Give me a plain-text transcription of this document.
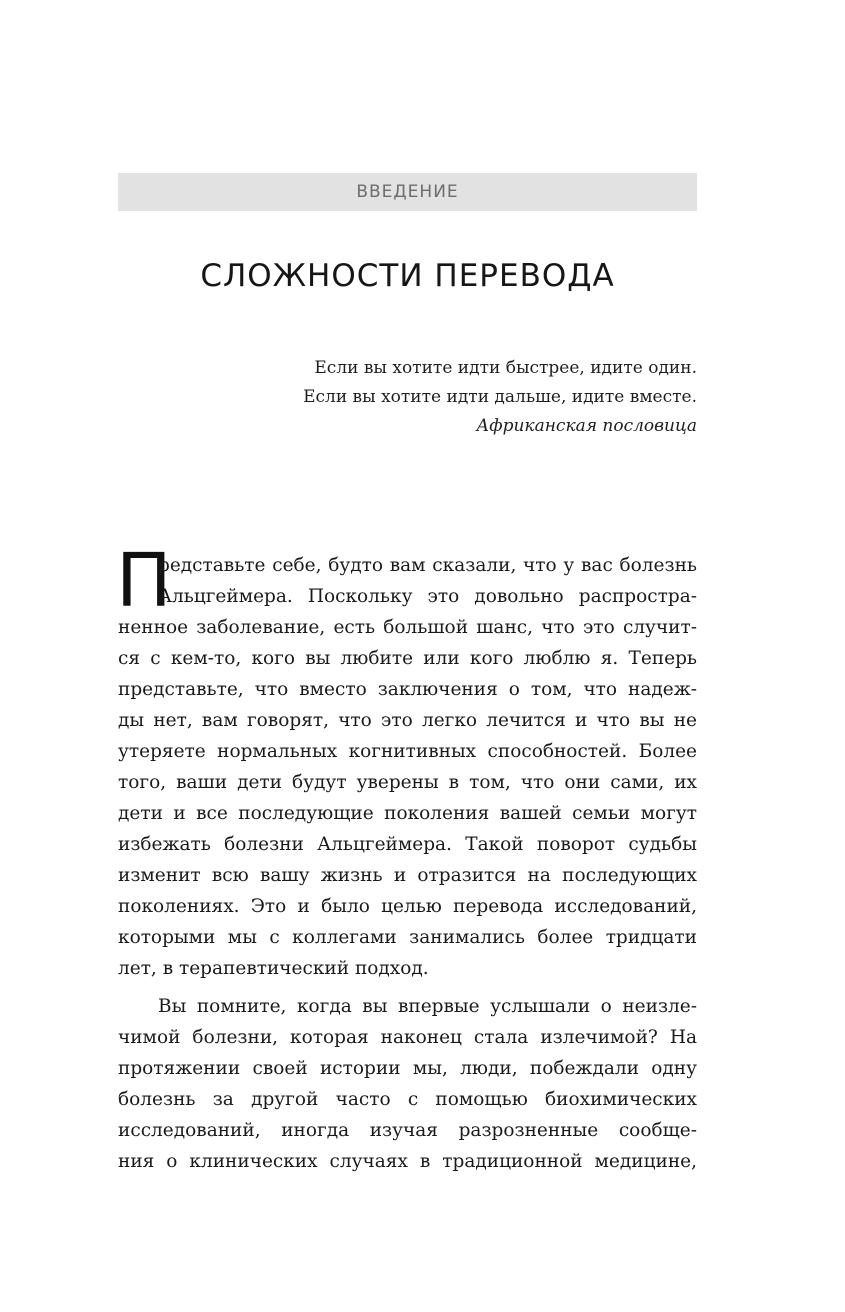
ВВЕДЕНИЕ
СЛОЖНОСТИ ПЕРЕВОДА
Если вы хотите идти быстрее, идите один.
Если вы хотите идти дальше, идите вместе.
Африканская пословица
П
редставьте себе, будто вам сказали, что у вас болезнь
Альцгеймера. Поскольку это довольно распростра-
ненное заболевание, есть большой шанс, что это случит-
ся с кем-то, кого вы любите или кого люблю я. Теперь
представьте, что вместо заключения о том, что надеж-
ды нет, вам говорят, что это легко лечится и что вы не
утеряете нормальных когнитивных способностей. Более
того, ваши дети будут уверены в том, что они сами, их
дети и все последующие поколения вашей семьи могут
избежать болезни Альцгеймера. Такой поворот судьбы
изменит всю вашу жизнь и отразится на последующих
поколениях. Это и было целью перевода исследований,
которыми мы с коллегами занимались более тридцати
лет, в терапевтический подход.
Вы помните, когда вы впервые услышали о неизле-
чимой болезни, которая наконец стала излечимой? На
протяжении своей истории мы, люди, побеждали одну
болезнь за другой часто с помощью биохимических
исследований, иногда изучая разрозненные сообще-
ния о клинических случаях в традиционной медицине,
